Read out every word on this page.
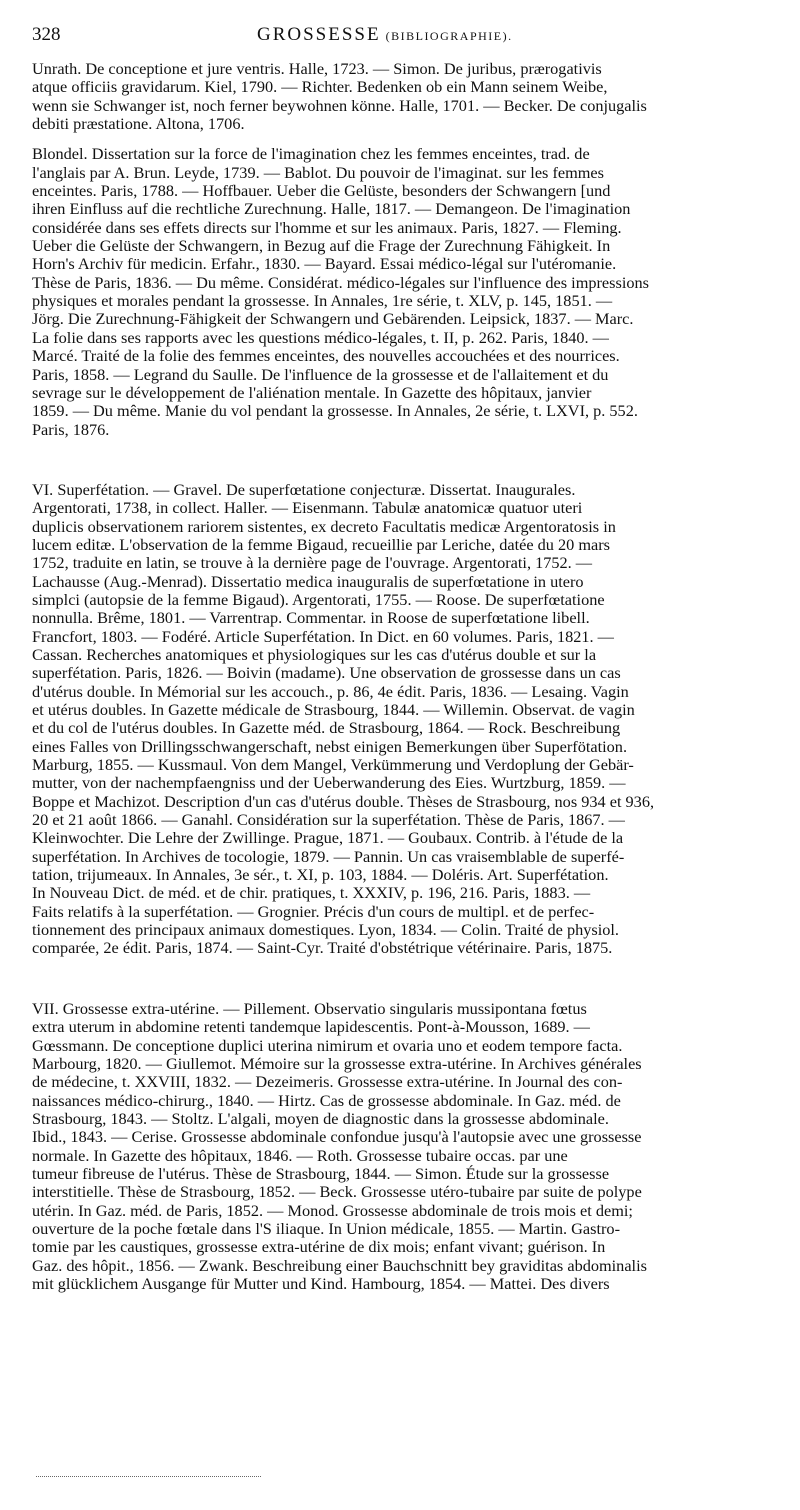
328	GROSSESSE (BIBLIOGRAPHIE).
Unrath. De conceptione et jure ventris. Halle, 1723. — Simon. De juribus, prærogativis
atque officiis gravidarum. Kiel, 1790. — Richter. Bedenken ob ein Mann seinem Weibe,
wenn sie Schwanger ist, noch ferner beywohnen könne. Halle, 1701. — Becker. De conjugalis
debiti præstatione. Altona, 1706.
Blondel. Dissertation sur la force de l'imagination chez les femmes enceintes, trad. de
l'anglais par A. Brun. Leyde, 1739. — Bablot. Du pouvoir de l'imaginat. sur les femmes
enceintes. Paris, 1788. — Hoffbauer. Ueber die Gelüste, besonders der Schwangern [und
ihren Einfluss auf die rechtliche Zurechnung. Halle, 1817. — Demangeon. De l'imagination
considérée dans ses effets directs sur l'homme et sur les animaux. Paris, 1827. — Fleming.
Ueber die Gelüste der Schwangern, in Bezug auf die Frage der Zurechnung Fähigkeit. In
Horn's Archiv für medicin. Erfahr., 1830. — Bayard. Essai médico-légal sur l'utéromanie.
Thèse de Paris, 1836. — Du même. Considérat. médico-légales sur l'influence des impressions
physiques et morales pendant la grossesse. In Annales, 1re série, t. XLV, p. 145, 1851. —
Jörg. Die Zurechnung-Fähigkeit der Schwangern und Gebärenden. Leipsick, 1837. — Marc.
La folie dans ses rapports avec les questions médico-légales, t. II, p. 262. Paris, 1840. —
Marcé. Traité de la folie des femmes enceintes, des nouvelles accouchées et des nourrices.
Paris, 1858. — Legrand du Saulle. De l'influence de la grossesse et de l'allaitement et du
sevrage sur le développement de l'aliénation mentale. In Gazette des hôpitaux, janvier
1859. — Du même. Manie du vol pendant la grossesse. In Annales, 2e série, t. LXVI, p. 552.
Paris, 1876.
VI. Superfétation. — Gravel. De superfœtatione conjecturæ. Dissertat. Inaugurales.
Argentorati, 1738, in collect. Haller. — Eisenmann. Tabulæ anatomicæ quatuor uteri
duplicis observationem rariorem sistentes, ex decreto Facultatis medicæ Argentoratosis in
lucem editæ. L'observation de la femme Bigaud, recueillie par Leriche, datée du 20 mars
1752, traduite en latin, se trouve à la dernière page de l'ouvrage. Argentorati, 1752. —
Lachausse (Aug.-Menrad). Dissertatio medica inauguralis de superfœtatione in utero
simplci (autopsie de la femme Bigaud). Argentorati, 1755. — Roose. De superfœtatione
nonnulla. Brême, 1801. — Varrentrap. Commentar. in Roose de superfœtatione libell.
Francfort, 1803. — Fodéré. Article Superfétation. In Dict. en 60 volumes. Paris, 1821. —
Cassan. Recherches anatomiques et physiologiques sur les cas d'utérus double et sur la
superfétation. Paris, 1826. — Boivin (madame). Une observation de grossesse dans un cas
d'utérus double. In Mémorial sur les accouch., p. 86, 4e édit. Paris, 1836. — Lesaing. Vagin
et utérus doubles. In Gazette médicale de Strasbourg, 1844. — Willemin. Observat. de vagin
et du col de l'utérus doubles. In Gazette méd. de Strasbourg, 1864. — Rock. Beschreibung
eines Falles von Drillingsschwangerschaft, nebst einigen Bemerkungen über Superfötation.
Marburg, 1855. — Kussmaul. Von dem Mangel, Verkümmerung und Verdoplung der Gebär-
mutter, von der nachempfaengniss und der Ueberwanderung des Eies. Wurtzburg, 1859. —
Boppe et Machizot. Description d'un cas d'utérus double. Thèses de Strasbourg, nos 934 et 936,
20 et 21 août 1866. — Ganahl. Considération sur la superfétation. Thèse de Paris, 1867. —
Kleinwochter. Die Lehre der Zwillinge. Prague, 1871. — Goubaux. Contrib. à l'étude de la
superfétation. In Archives de tocologie, 1879. — Pannin. Un cas vraisemblable de superfé-
tation, trijumeaux. In Annales, 3e sér., t. XI, p. 103, 1884. — Doléris. Art. Superfétation.
In Nouveau Dict. de méd. et de chir. pratiques, t. XXXIV, p. 196, 216. Paris, 1883. —
Faits relatifs à la superfétation. — Grognier. Précis d'un cours de multipl. et de perfec-
tionnement des principaux animaux domestiques. Lyon, 1834. — Colin. Traité de physiol.
comparée, 2e édit. Paris, 1874. — Saint-Cyr. Traité d'obstétrique vétérinaire. Paris, 1875.
VII. Grossesse extra-utérine. — Pillement. Observatio singularis mussipontana fœtus
extra uterum in abdomine retenti tandemque lapidescentis. Pont-à-Mousson, 1689. —
Gœssmann. De conceptione duplici uterina nimirum et ovaria uno et eodem tempore facta.
Marbourg, 1820. — Giullemot. Mémoire sur la grossesse extra-utérine. In Archives générales
de médecine, t. XXVIII, 1832. — Dezeimeris. Grossesse extra-utérine. In Journal des con-
naissances médico-chirurg., 1840. — Hirtz. Cas de grossesse abdominale. In Gaz. méd. de
Strasbourg, 1843. — Stoltz. L'algali, moyen de diagnostic dans la grossesse abdominale.
Ibid., 1843. — Cerise. Grossesse abdominale confondue jusqu'à l'autopsie avec une grossesse
normale. In Gazette des hôpitaux, 1846. — Roth. Grossesse tubaire occas. par une
tumeur fibreuse de l'utérus. Thèse de Strasbourg, 1844. — Simon. Étude sur la grossesse
interstitielle. Thèse de Strasbourg, 1852. — Beck. Grossesse utéro-tubaire par suite de polype
utérin. In Gaz. méd. de Paris, 1852. — Monod. Grossesse abdominale de trois mois et demi;
ouverture de la poche fœtale dans l'S iliaque. In Union médicale, 1855. — Martin. Gastro-
tomie par les caustiques, grossesse extra-utérine de dix mois; enfant vivant; guérison. In
Gaz. des hôpit., 1856. — Zwank. Beschreibung einer Bauchschnitt bey graviditas abdominalis
mit glücklichem Ausgange für Mutter und Kind. Hambourg, 1854. — Mattei. Des divers
